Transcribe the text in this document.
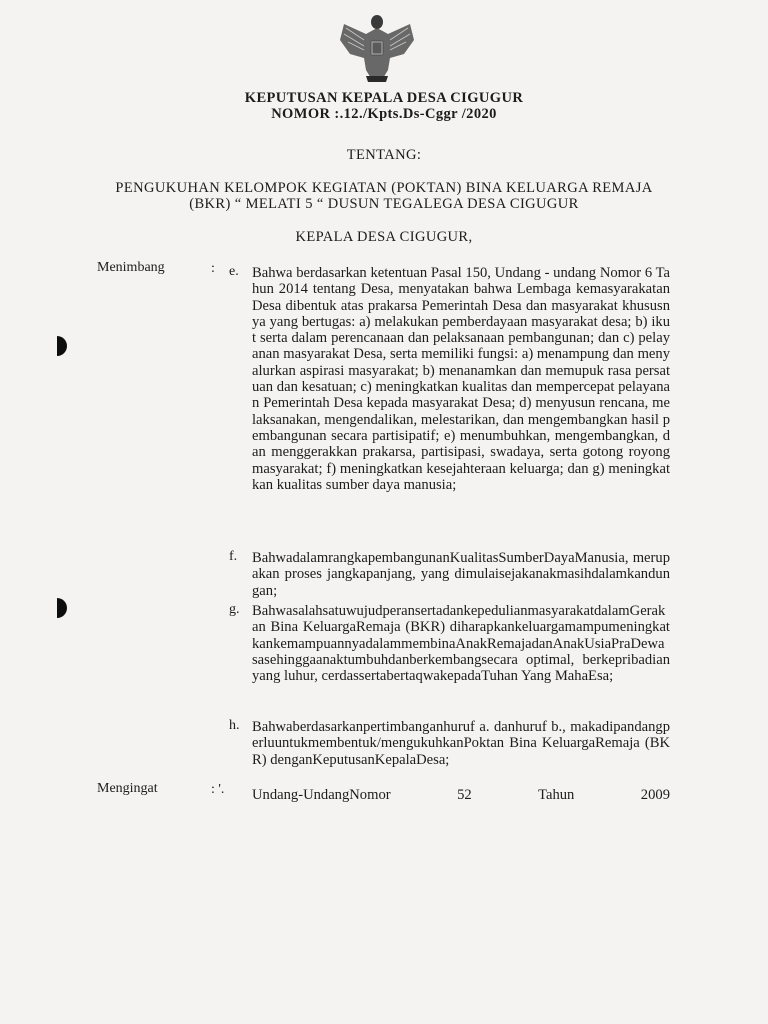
KEPUTUSAN KEPALA DESA CIGUGUR
NOMOR :.12./Kpts.Ds-Cggr /2020
TENTANG:
PENGUKUHAN KELOMPOK KEGIATAN (POKTAN) BINA KELUARGA REMAJA
(BKR) “ MELATI 5 “ DUSUN TEGALEGA DESA CIGUGUR
KEPALA DESA CIGUGUR,
Menimbang	: e. Bahwa berdasarkan ketentuan Pasal 150, Undang - undang Nomor 6 Tahun 2014 tentang Desa, menyatakan bahwa Lembaga kemasyarakatan Desa dibentuk atas prakarsa Pemerintah Desa dan masyarakat khususnya yang bertugas: a) melakukan pemberdayaan masyarakat desa; b) ikut serta dalam perencanaan dan pelaksanaan pembangunan; dan c) pelayanan masyarakat Desa, serta memiliki fungsi: a) menampung dan menyalurkan aspirasi masyarakat; b) menanamkan dan memupuk rasa persatuan dan kesatuan; c) meningkatkan kualitas dan mempercepat pelayanan Pemerintah Desa kepada masyarakat Desa; d) menyusun rencana, melaksanakan, mengendalikan, melestarikan, dan mengembangkan hasil pembangunan secara partisipatif; e) menumbuhkan, mengembangkan, dan menggerakkan prakarsa, partisipasi, swadaya, serta gotong royong masyarakat; f) meningkatkan kesejahteraan keluarga; dan g) meningkatkan kualitas sumber daya manusia;
f. BahwadalamrangkapembangunanKualitasSumberDayaManusia, merupakan proses jangkapanjang, yang dimulaisejakanakmasihdalamkandungan;
g. BahwasalahsatuwujudperansertadankepedulianmasyarakatdalamGerakan Bina KeluargaRemaja (BKR) diharapkankeluargamampumeningkatkankemampuannyadalammembinaAnakRemajadanAnakUsiaPraDewasasehinggaanaktumbuhdanberkembangsecara optimal, berkepribadian yang luhur, cerdassertabertaqwakepadaTuhan Yang MahaEsa;
h. Bahwaberdasarkanpertimbanganhuruf a. danhuruf b., makadipandangperluuntukmembentuk/mengukuhkanPoktan Bina KeluargaRemaja (BKR) denganKeputusanKepalaDesa;
Mengingat	: '. Undang-UndangNomor	52	Tahun	2009
